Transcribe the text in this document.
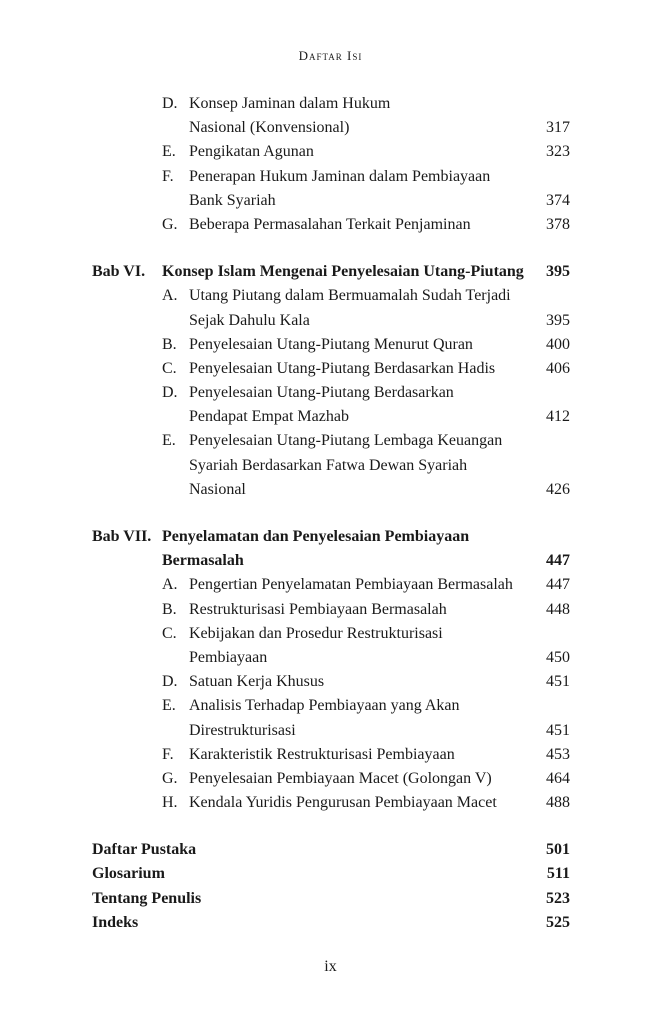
Daftar Isi
D. Konsep Jaminan dalam Hukum
Nasional (Konvensional)	317
E. Pengikatan Agunan	323
F. Penerapan Hukum Jaminan dalam Pembiayaan
Bank Syariah	374
G. Beberapa Permasalahan Terkait Penjaminan	378
Bab VI. Konsep Islam Mengenai Penyelesaian Utang-Piutang 395
A. Utang Piutang dalam Bermuamalah Sudah Terjadi
Sejak Dahulu Kala	395
B. Penyelesaian Utang-Piutang Menurut Quran	400
C. Penyelesaian Utang-Piutang Berdasarkan Hadis	406
D. Penyelesaian Utang-Piutang Berdasarkan
Pendapat Empat Mazhab	412
E. Penyelesaian Utang-Piutang Lembaga Keuangan
Syariah Berdasarkan Fatwa Dewan Syariah
Nasional	426
Bab VII. Penyelamatan dan Penyelesaian Pembiayaan
Bermasalah	447
A. Pengertian Penyelamatan Pembiayaan Bermasalah 447
B. Restrukturisasi Pembiayaan Bermasalah	448
C. Kebijakan dan Prosedur Restrukturisasi
Pembiayaan	450
D. Satuan Kerja Khusus	451
E. Analisis Terhadap Pembiayaan yang Akan
Direstrukturisasi	451
F. Karakteristik Restrukturisasi Pembiayaan	453
G. Penyelesaian Pembiayaan Macet (Golongan V)	464
H. Kendala Yuridis Pengurusan Pembiayaan Macet	488
Daftar Pustaka	501
Glosarium	511
Tentang Penulis	523
Indeks	525
ix
